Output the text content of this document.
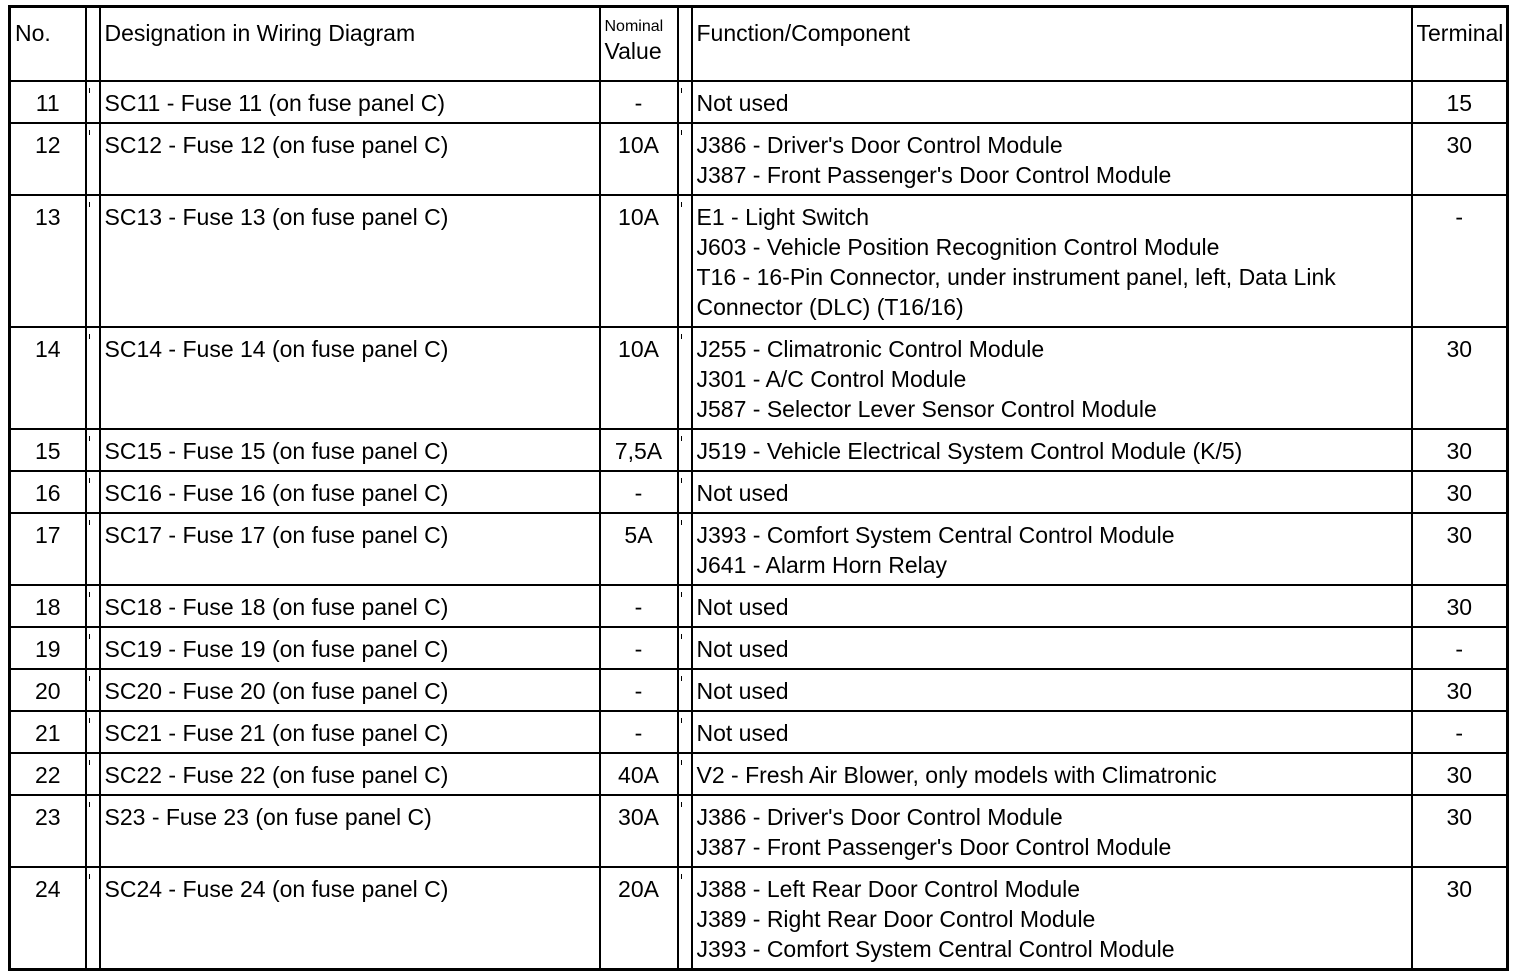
No.		Designation in Wiring Diagram	Nominal
Value		Function/Component	Terminal
11		SC11 - Fuse 11 (on fuse panel C)	-		Not used	15
12		SC12 - Fuse 12 (on fuse panel C)	10A		J386 - Driver's Door Control Module
J387 - Front Passenger's Door Control Module	30
13		SC13 - Fuse 13 (on fuse panel C)	10A		E1 - Light Switch
J603 - Vehicle Position Recognition Control Module
T16 - 16-Pin Connector, under instrument panel, left, Data Link
Connector (DLC) (T16/16)	-
14		SC14 - Fuse 14 (on fuse panel C)	10A		J255 - Climatronic Control Module
J301 - A/C Control Module
J587 - Selector Lever Sensor Control Module	30
15		SC15 - Fuse 15 (on fuse panel C)	7,5A		J519 - Vehicle Electrical System Control Module (K/5)	30
16		SC16 - Fuse 16 (on fuse panel C)	-		Not used	30
17		SC17 - Fuse 17 (on fuse panel C)	5A		J393 - Comfort System Central Control Module
J641 - Alarm Horn Relay	30
18		SC18 - Fuse 18 (on fuse panel C)	-		Not used	30
19		SC19 - Fuse 19 (on fuse panel C)	-		Not used	-
20		SC20 - Fuse 20 (on fuse panel C)	-		Not used	30
21		SC21 - Fuse 21 (on fuse panel C)	-		Not used	-
22		SC22 - Fuse 22 (on fuse panel C)	40A		V2 - Fresh Air Blower, only models with Climatronic	30
23		S23 - Fuse 23 (on fuse panel C)	30A		J386 - Driver's Door Control Module
J387 - Front Passenger's Door Control Module	30
24		SC24 - Fuse 24 (on fuse panel C)	20A		J388 - Left Rear Door Control Module
J389 - Right Rear Door Control Module
J393 - Comfort System Central Control Module	30
